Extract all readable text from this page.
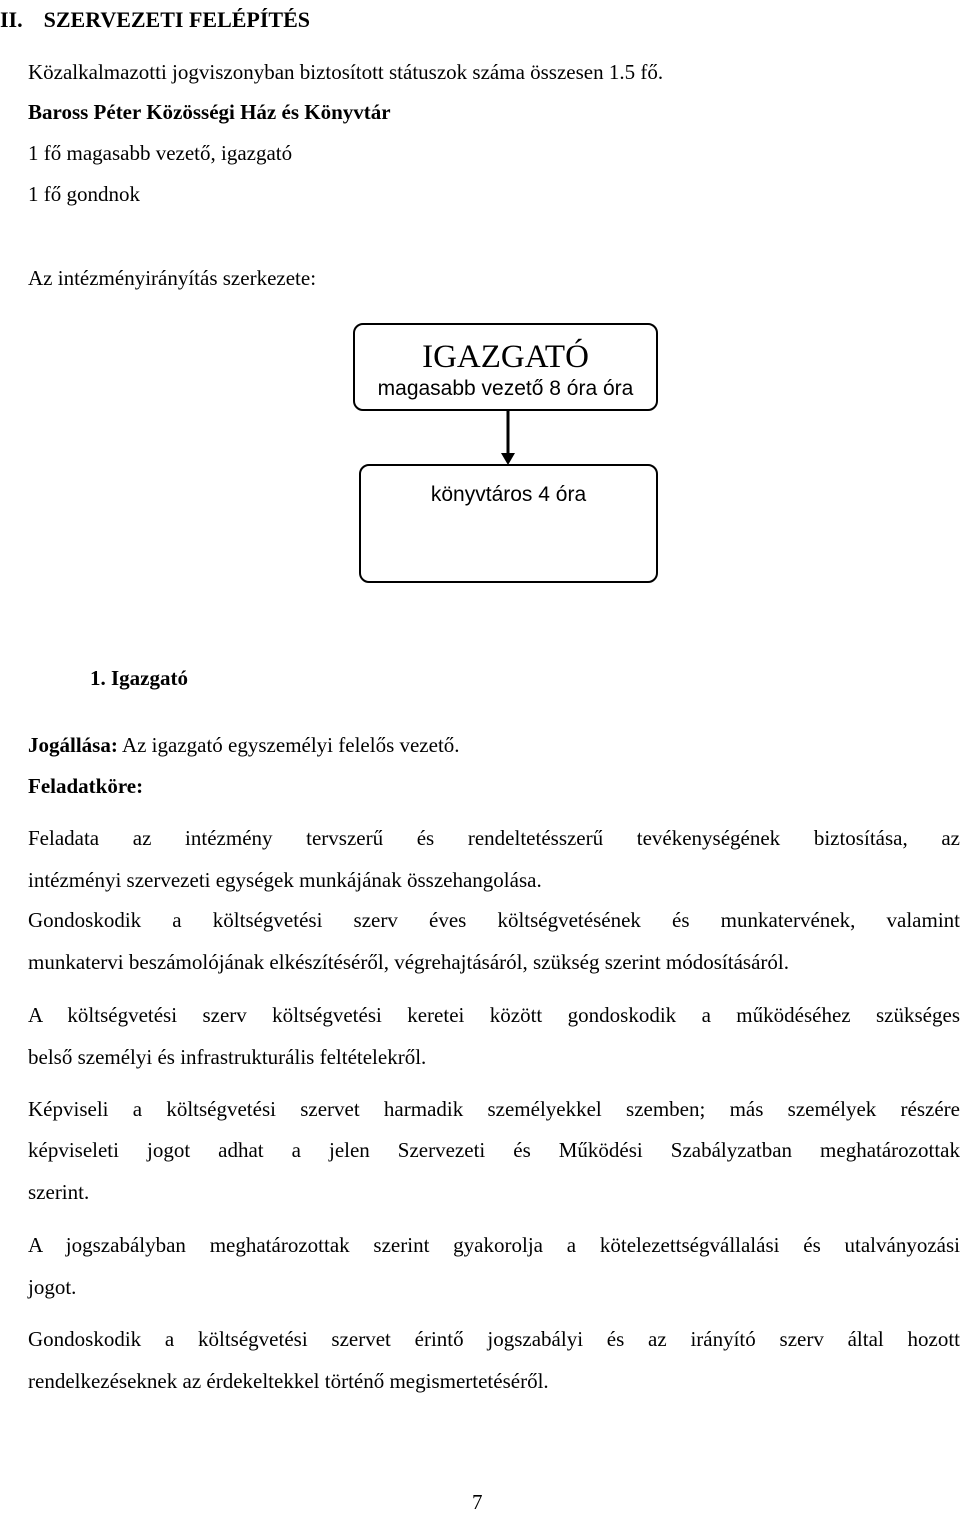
II. SZERVEZETI FELÉPÍTÉS
Közalkalmazotti jogviszonyban biztosított státuszok száma összesen 1.5 fő.
Baross Péter Közösségi Ház és Könyvtár
1 fő magasabb vezető, igazgató
1 fő gondnok
Az intézményirányítás szerkezete:
IGAZGATÓ
magasabb vezető 8 óra óra
könyvtáros 4 óra
1. Igazgató
Jogállása: Az igazgató egyszemélyi felelős vezető.
Feladatköre:
Feladata az intézmény tervszerű és rendeltetésszerű tevékenységének biztosítása, az
intézményi szervezeti egységek munkájának összehangolása.
Gondoskodik a költségvetési szerv éves költségvetésének és munkatervének, valamint
munkatervi beszámolójának elkészítéséről, végrehajtásáról, szükség szerint módosításáról.
A költségvetési szerv költségvetési keretei között gondoskodik a működéséhez szükséges
belső személyi és infrastrukturális feltételekről.
Képviseli a költségvetési szervet harmadik személyekkel szemben; más személyek részére
képviseleti jogot adhat a jelen Szervezeti és Működési Szabályzatban meghatározottak
szerint.
A jogszabályban meghatározottak szerint gyakorolja a kötelezettségvállalási és utalványozási
jogot.
Gondoskodik a költségvetési szervet érintő jogszabályi és az irányító szerv által hozott
rendelkezéseknek az érdekeltekkel történő megismertetéséről.
7
